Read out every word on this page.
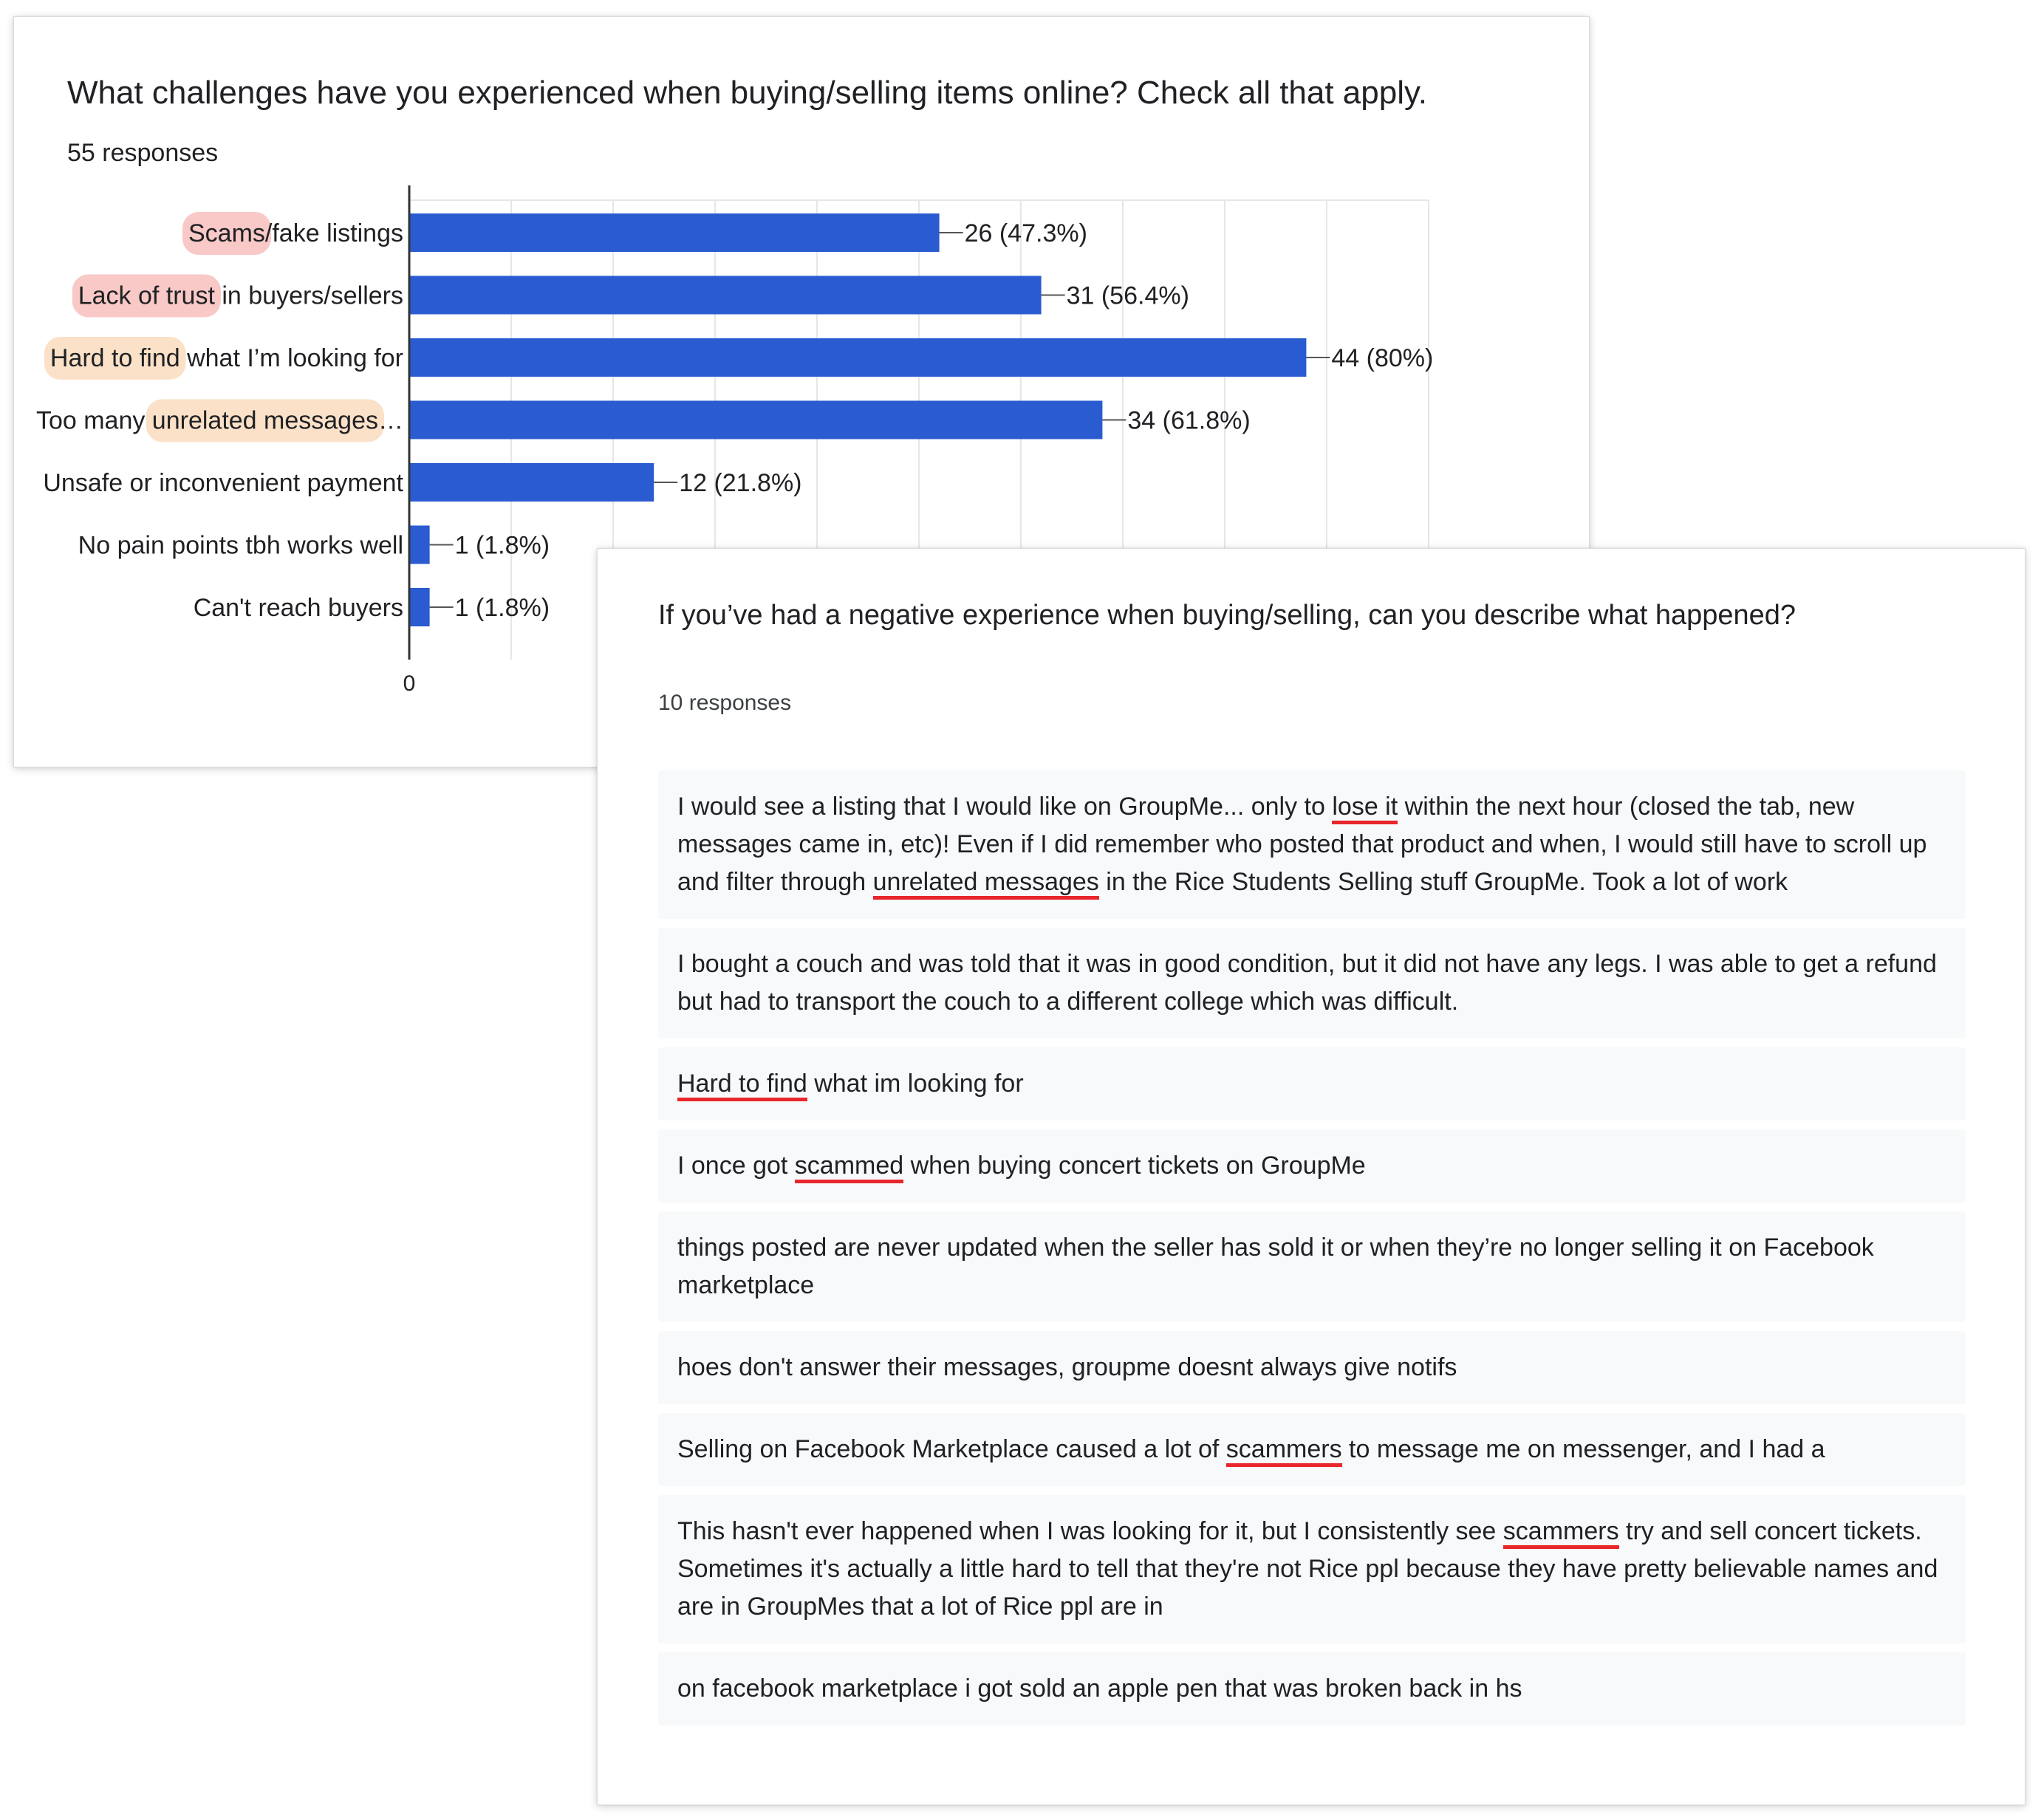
What challenges have you experienced when buying/selling items online? Check all that apply.
55 responses
Scams/fake listings	26 (47.3%)
Lack of trust in buyers/sellers	31 (56.4%)
Hard to find what I’m looking for	44 (80%)
Too many unrelated messages…	34 (61.8%)
Unsafe or inconvenient payment	12 (21.8%)
No pain points tbh works well 1 (1.8%)
Can't reach buyers 1 (1.8%)
0
If you’ve had a negative experience when buying/selling, can you describe what happened?
10 responses
I would see a listing that I would like on GroupMe... only to lose it within the next hour (closed the tab, new messages came in, etc)! Even if I did remember who posted that product and when, I would still have to scroll up and filter through unrelated messages in the Rice Students Selling stuff GroupMe. Took a lot of work
I bought a couch and was told that it was in good condition, but it did not have any legs. I was able to get a refund but had to transport the couch to a different college which was difficult.
Hard to find what im looking for
I once got scammed when buying concert tickets on GroupMe
things posted are never updated when the seller has sold it or when they’re no longer selling it on Facebook marketplace
hoes don't answer their messages, groupme doesnt always give notifs
Selling on Facebook Marketplace caused a lot of scammers to message me on messenger, and I had a
This hasn't ever happened when I was looking for it, but I consistently see scammers try and sell concert tickets. Sometimes it's actually a little hard to tell that they're not Rice ppl because they have pretty believable names and are in GroupMes that a lot of Rice ppl are in
on facebook marketplace i got sold an apple pen that was broken back in hs
